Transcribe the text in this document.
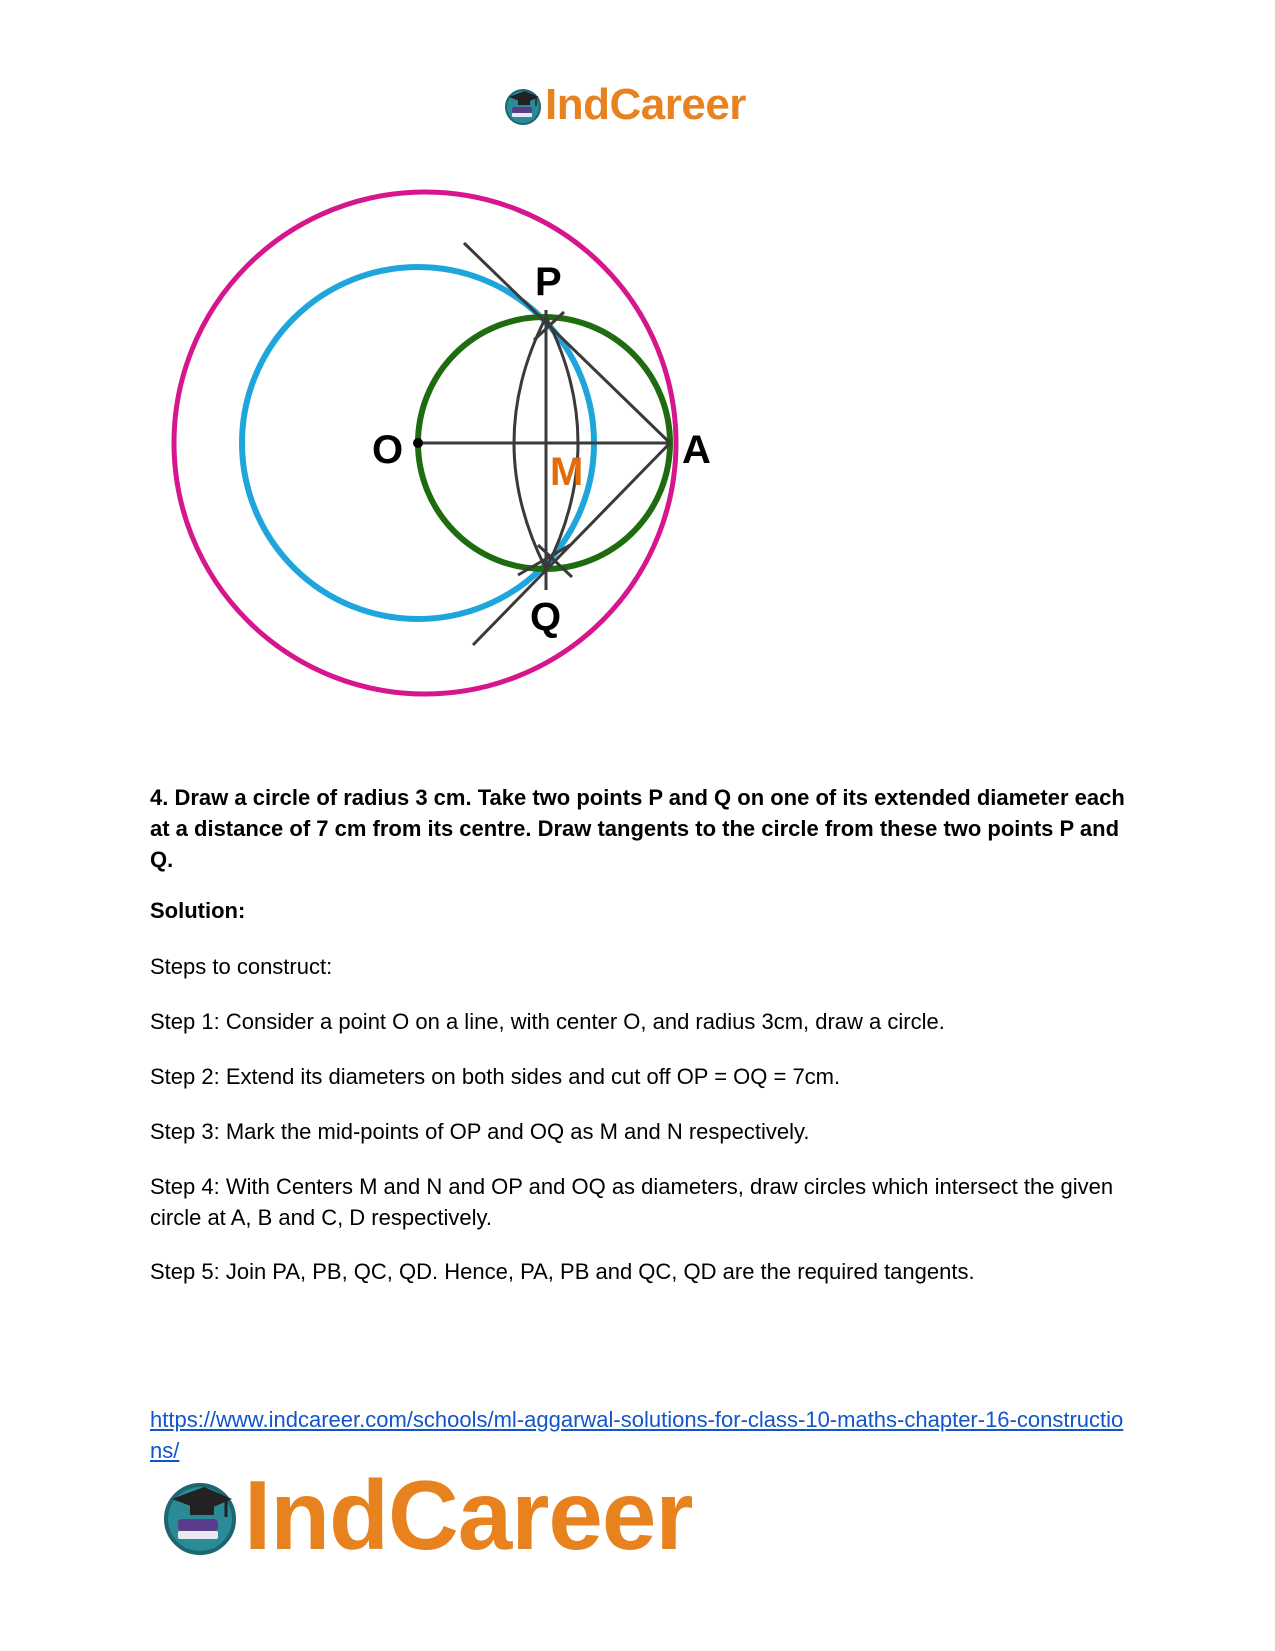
IndCareer
P
O	A
M
Q
4. Draw a circle of radius 3 cm. Take two points P and Q on one of its extended diameter each at a distance of 7 cm from its centre. Draw tangents to the circle from these two points P and Q.
Solution:
Steps to construct:
Step 1: Consider a point O on a line, with center O, and radius 3cm, draw a circle.
Step 2: Extend its diameters on both sides and cut off OP = OQ = 7cm.
Step 3: Mark the mid-points of OP and OQ as M and N respectively.
Step 4: With Centers M and N and OP and OQ as diameters, draw circles which intersect the given circle at A, B and C, D respectively.
Step 5: Join PA, PB, QC, QD. Hence, PA, PB and QC, QD are the required tangents.
https://www.indcareer.com/schools/ml-aggarwal-solutions-for-class-10-maths-chapter-16-constructions/
IndCareer
